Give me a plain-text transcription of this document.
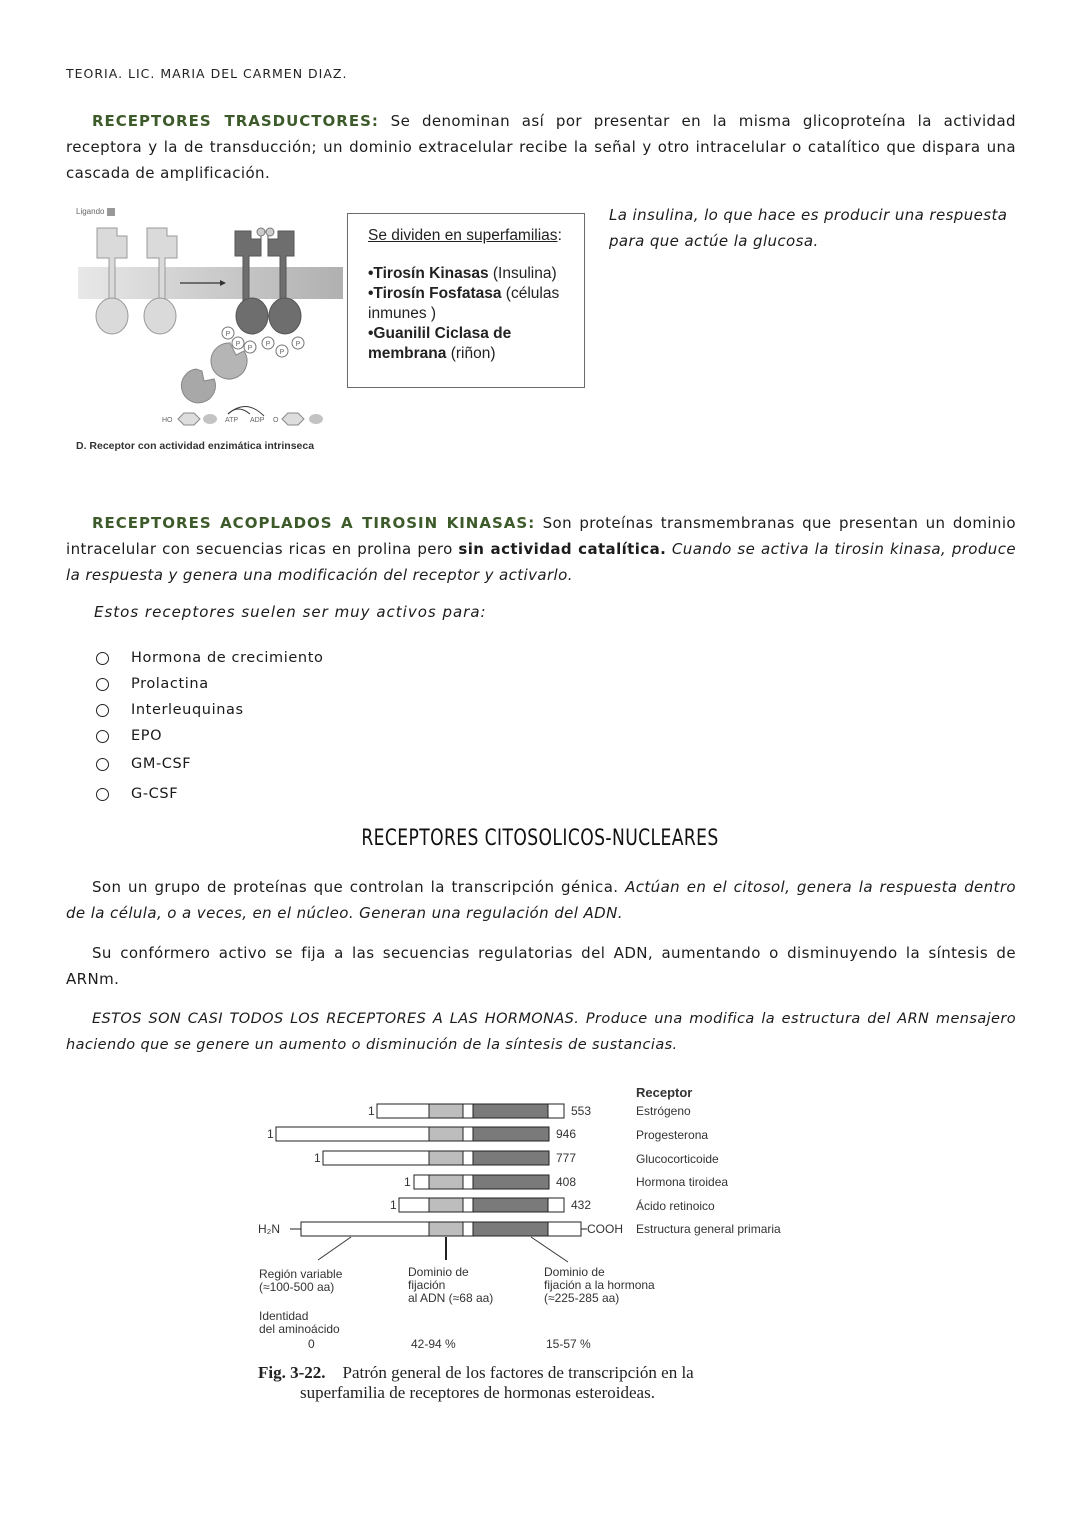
TEORIA. LIC. MARIA DEL CARMEN DIAZ.
RECEPTORES TRASDUCTORES: Se denominan así por presentar en la misma glicoproteína la actividad receptora y la de transducción; un dominio extracelular recibe la señal y otro intracelular o catalítico que dispara una cascada de amplificación.
Ligando
P
P
P
P
P
P
HO	ATP ADP O
D. Receptor con actividad enzimática intrinseca
Se dividen en superfamilias:
•Tirosín Kinasas (Insulina)
•Tirosín Fosfatasa (células inmunes )
•Guanilil Ciclasa de membrana (riñon)
La insulina, lo que hace es producir una respuesta para que actúe la glucosa.
RECEPTORES ACOPLADOS A TIROSIN KINASAS: Son proteínas transmembranas que presentan un dominio intracelular con secuencias ricas en prolina pero sin actividad catalítica. Cuando se activa la tirosin kinasa, produce la respuesta y genera una modificación del receptor y activarlo.
Estos receptores suelen ser muy activos para:
Hormona de crecimiento
Prolactina
Interleuquinas
EPO
GM-CSF
G-CSF
RECEPTORES CITOSOLICOS-NUCLEARES
Son un grupo de proteínas que controlan la transcripción génica. Actúan en el citosol, genera la respuesta dentro de la célula, o a veces, en el núcleo. Generan una regulación del ADN.
Su confórmero activo se fija a las secuencias regulatorias del ADN, aumentando o disminuyendo la síntesis de ARNm.
ESTOS SON CASI TODOS LOS RECEPTORES A LAS HORMONAS. Produce una modifica la estructura del ARN mensajero haciendo que se genere un aumento o disminución de la síntesis de sustancias.
Receptor
1	553	Estrógeno
1	946	Progesterona
1	777	Glucocorticoide
1	408	Hormona tiroidea
1	432	Ácido retinoico
H₂N	COOH Estructura general primaria
Región variable
(≈100-500 aa)
Dominio de
fijación
al ADN (≈68 aa)
Dominio de
fijación a la hormona
(≈225-285 aa)
Identidad
del aminoácido
0	42-94 %	15-57 %
Fig. 3-22. Patrón general de los factores de transcripción en la
superfamilia de receptores de hormonas esteroideas.
